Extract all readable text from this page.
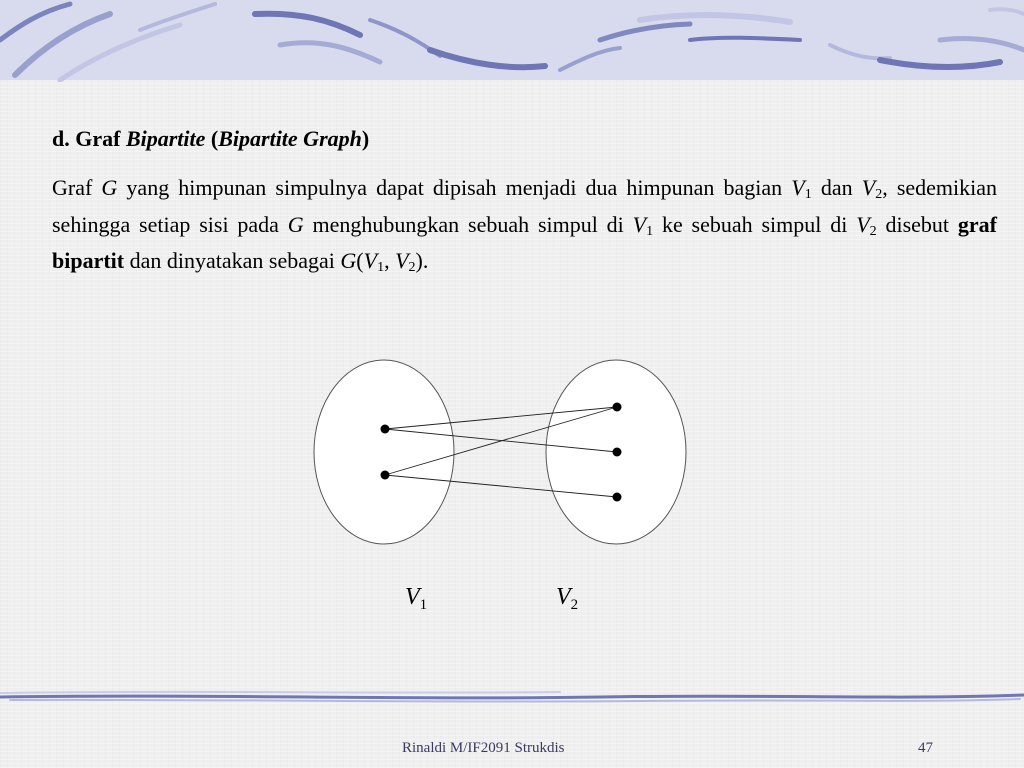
d. Graf Bipartite (Bipartite Graph)

Graf G yang himpunan simpulnya dapat dipisah menjadi dua himpunan bagian $V_1$ dan $V_2$, sedemikian sehingga setiap sisi pada G menghubungkan sebuah simpul di $V_1$ ke sebuah simpul di $V_2$ disebut graf bipartit dan dinyatakan sebagai $G(V_1$, $V_2$).

$V_1$	$V_2$
Rinaldi M/IF2091 Strukdis	47
